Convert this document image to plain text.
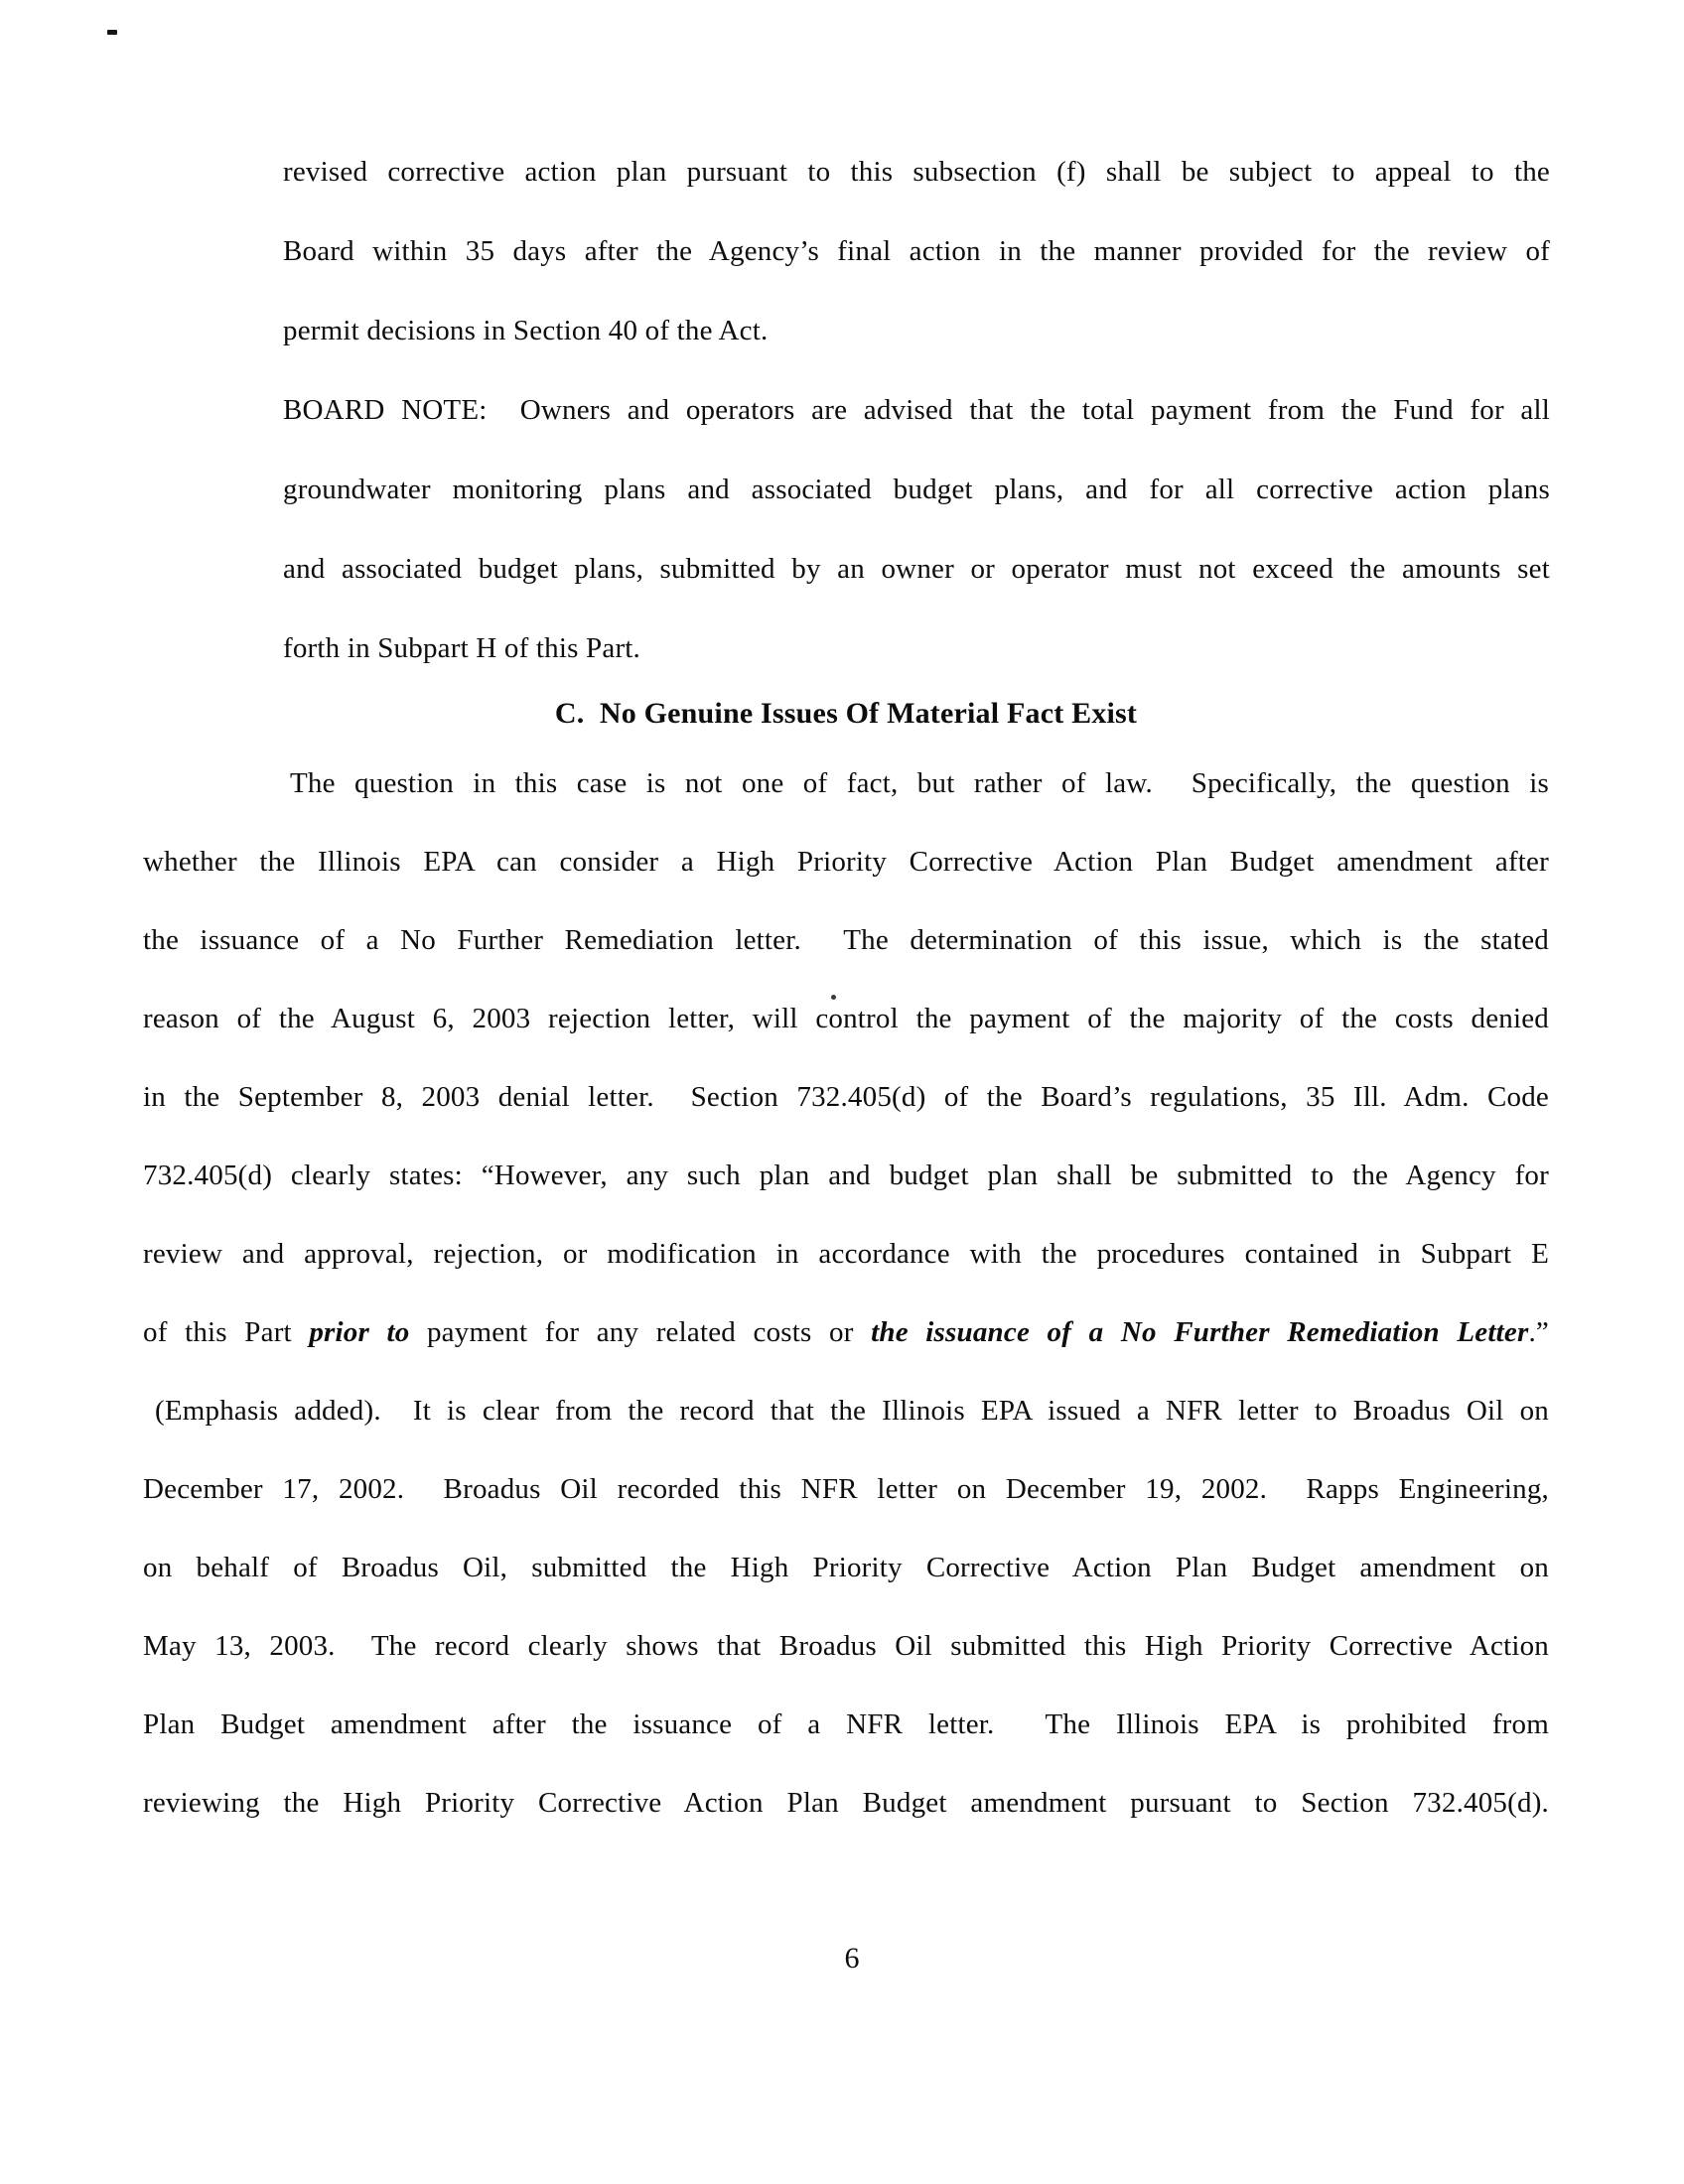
revised corrective action plan pursuant to this subsection (f) shall be subject to appeal to the
Board within 35 days after the Agency’s final action in the manner provided for the review of
permit decisions in Section 40 of the Act.
BOARD NOTE:  Owners and operators are advised that the total payment from the Fund for all
groundwater monitoring plans and associated budget plans, and for all corrective action plans
and associated budget plans, submitted by an owner or operator must not exceed the amounts set
forth in Subpart H of this Part.
C.  No Genuine Issues Of Material Fact Exist
The question in this case is not one of fact, but rather of law.  Specifically, the question is
whether the Illinois EPA can consider a High Priority Corrective Action Plan Budget amendment after
the issuance of a No Further Remediation letter.  The determination of this issue, which is the stated
reason of the August 6, 2003 rejection letter, will control the payment of the majority of the costs denied
in the September 8, 2003 denial letter.  Section 732.405(d) of the Board’s regulations, 35 Ill. Adm. Code
732.405(d) clearly states: “However, any such plan and budget plan shall be submitted to the Agency for
review and approval, rejection, or modification in accordance with the procedures contained in Subpart E
of this Part prior to payment for any related costs or the issuance of a No Further Remediation Letter.”
(Emphasis added).  It is clear from the record that the Illinois EPA issued a NFR letter to Broadus Oil on
December 17, 2002.  Broadus Oil recorded this NFR letter on December 19, 2002.  Rapps Engineering,
on behalf of Broadus Oil, submitted the High Priority Corrective Action Plan Budget amendment on
May 13, 2003.  The record clearly shows that Broadus Oil submitted this High Priority Corrective Action
Plan Budget amendment after the issuance of a NFR letter.  The Illinois EPA is prohibited from
reviewing the High Priority Corrective Action Plan Budget amendment pursuant to Section 732.405(d).
6
